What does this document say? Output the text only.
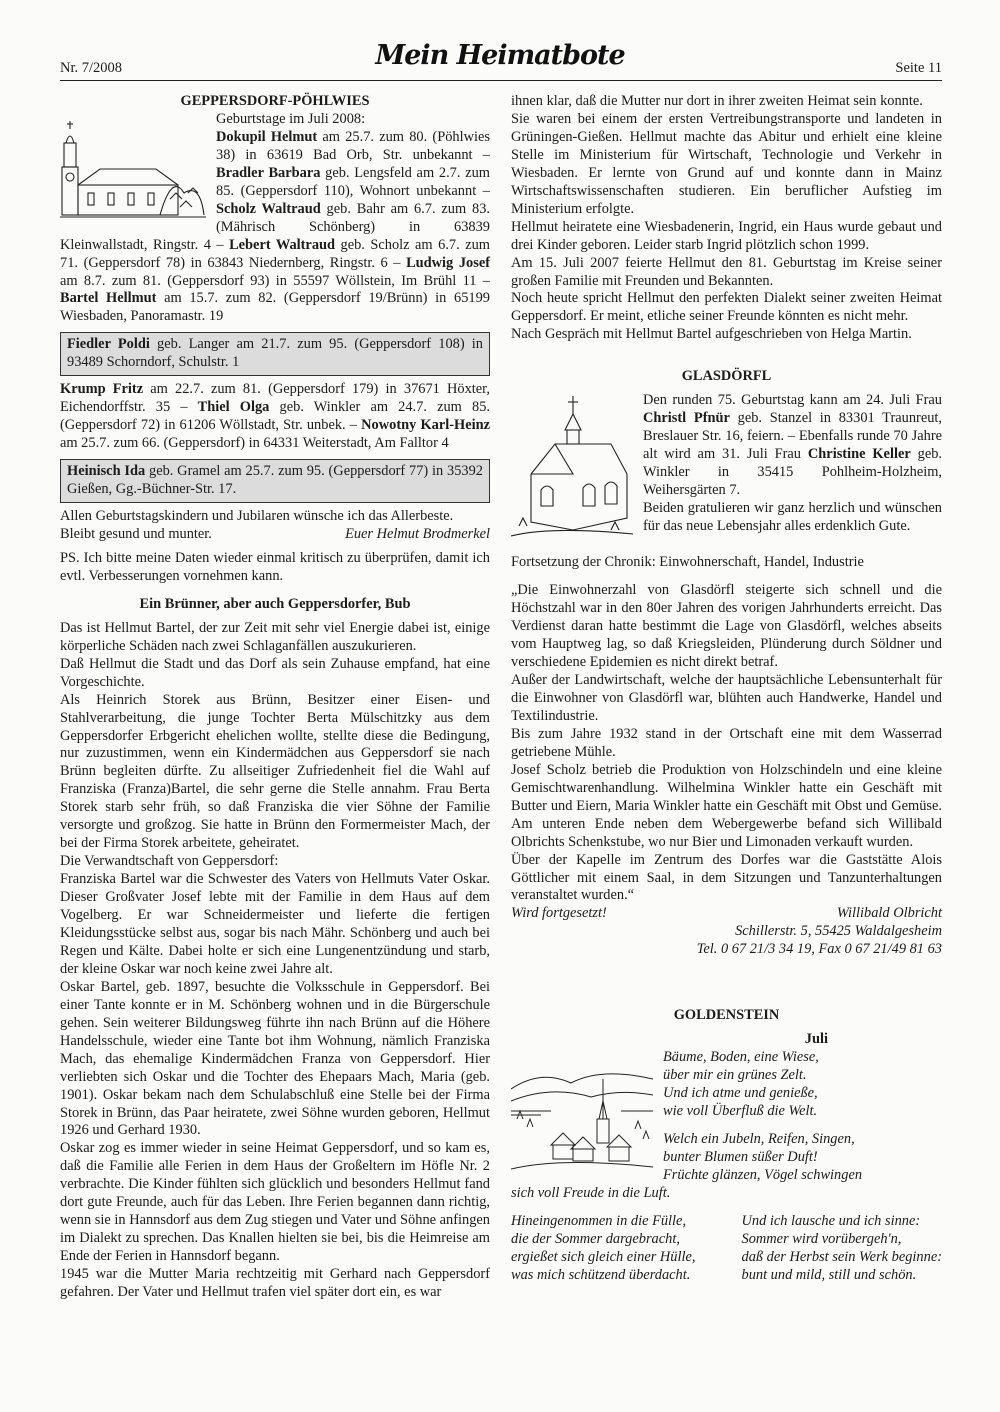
Nr. 7/2008	Mein Heimatbote	Seite 11

GEPPERSDORF-PÖHLWIES

Geburtstage im Juli 2008:

Dokupil Helmut am 25.7. zum 80. (Pöhlwies 38) in 63619 Bad Orb, Str. unbekannt – Bradler Barbara geb. Lengsfeld am 2.7. zum 85. (Geppersdorf 110), Wohnort unbekannt – Scholz Waltraud geb. Bahr am 6.7. zum 83. (Mährisch Schönberg) in 63839 Kleinwallstadt, Ringstr. 4 – Lebert Waltraud geb. Scholz am 6.7. zum 71. (Geppersdorf 78) in 63843 Niedernberg, Ringstr. 6 – Ludwig Josef am 8.7. zum 81. (Geppersdorf 93) in 55597 Wöllstein, Im Brühl 11 – Bartel Hellmut am 15.7. zum 82. (Geppersdorf 19/Brünn) in 65199 Wiesbaden, Panoramastr. 19

Fiedler Poldi geb. Langer am 21.7. zum 95. (Geppersdorf 108) in 93489 Schorndorf, Schulstr. 1

Krump Fritz am 22.7. zum 81. (Geppersdorf 179) in 37671 Höxter, Eichendorffstr. 35 – Thiel Olga geb. Winkler am 24.7. zum 85. (Geppersdorf 72) in 61206 Wöllstadt, Str. unbek. – Nowotny Karl-Heinz am 25.7. zum 66. (Geppersdorf) in 64331 Weiterstadt, Am Falltor 4

Heinisch Ida geb. Gramel am 25.7. zum 95. (Geppersdorf 77) in 35392 Gießen, Gg.-Büchner-Str. 17.

Allen Geburtstagskindern und Jubilaren wünsche ich das Allerbeste.

Bleibt gesund und munter.	Euer Helmut Brodmerkel

PS. Ich bitte meine Daten wieder einmal kritisch zu überprüfen, damit ich evtl. Verbesserungen vornehmen kann.

Ein Brünner, aber auch Geppersdorfer, Bub

Das ist Hellmut Bartel, der zur Zeit mit sehr viel Energie dabei ist, einige körperliche Schäden nach zwei Schlaganfällen auszukurieren.

Daß Hellmut die Stadt und das Dorf als sein Zuhause empfand, hat eine Vorgeschichte.

Als Heinrich Storek aus Brünn, Besitzer einer Eisen- und Stahlverarbeitung, die junge Tochter Berta Mülschitzky aus dem Geppersdorfer Erbgericht ehelichen wollte, stellte diese die Bedingung, nur zuzustimmen, wenn ein Kindermädchen aus Geppersdorf sie nach Brünn begleiten dürfte. Zu allseitiger Zufriedenheit fiel die Wahl auf Franziska (Franza)Bartel, die sehr gerne die Stelle annahm. Frau Berta Storek starb sehr früh, so daß Franziska die vier Söhne der Familie versorgte und großzog. Sie hatte in Brünn den Formermeister Mach, der bei der Firma Storek arbeitete, geheiratet.

Die Verwandtschaft von Geppersdorf:

Franziska Bartel war die Schwester des Vaters von Hellmuts Vater Oskar. Dieser Großvater Josef lebte mit der Familie in dem Haus auf dem Vogelberg. Er war Schneidermeister und lieferte die fertigen Kleidungsstücke selbst aus, sogar bis nach Mähr. Schönberg und auch bei Regen und Kälte. Dabei holte er sich eine Lungenentzündung und starb, der kleine Oskar war noch keine zwei Jahre alt.

Oskar Bartel, geb. 1897, besuchte die Volksschule in Geppersdorf. Bei einer Tante konnte er in M. Schönberg wohnen und in die Bürgerschule gehen. Sein weiterer Bildungsweg führte ihn nach Brünn auf die Höhere Handelsschule, wieder eine Tante bot ihm Wohnung, nämlich Franziska Mach, das ehemalige Kindermädchen Franza von Geppersdorf. Hier verliebten sich Oskar und die Tochter des Ehepaars Mach, Maria (geb. 1901). Oskar bekam nach dem Schulabschluß eine Stelle bei der Firma Storek in Brünn, das Paar heiratete, zwei Söhne wurden geboren, Hellmut 1926 und Gerhard 1930.

Oskar zog es immer wieder in seine Heimat Geppersdorf, und so kam es, daß die Familie alle Ferien in dem Haus der Großeltern im Höfle Nr. 2 verbrachte. Die Kinder fühlten sich glücklich und besonders Hellmut fand dort gute Freunde, auch für das Leben. Ihre Ferien begannen dann richtig, wenn sie in Hannsdorf aus dem Zug stiegen und Vater und Söhne anfingen im Dialekt zu sprechen. Das Knallen hielten sie bei, bis die Heimreise am Ende der Ferien in Hannsdorf begann.

1945 war die Mutter Maria rechtzeitig mit Gerhard nach Geppersdorf gefahren. Der Vater und Hellmut trafen viel später dort ein, es war

ihnen klar, daß die Mutter nur dort in ihrer zweiten Heimat sein konnte.

Sie waren bei einem der ersten Vertreibungstransporte und landeten in Grüningen-Gießen. Hellmut machte das Abitur und erhielt eine kleine Stelle im Ministerium für Wirtschaft, Technologie und Verkehr in Wiesbaden. Er lernte von Grund auf und konnte dann in Mainz Wirtschaftswissenschaften studieren. Ein beruflicher Aufstieg im Ministerium erfolgte.

Hellmut heiratete eine Wiesbadenerin, Ingrid, ein Haus wurde gebaut und drei Kinder geboren. Leider starb Ingrid plötzlich schon 1999.

Am 15. Juli 2007 feierte Hellmut den 81. Geburtstag im Kreise seiner großen Familie mit Freunden und Bekannten.

Noch heute spricht Hellmut den perfekten Dialekt seiner zweiten Heimat Geppersdorf. Er meint, etliche seiner Freunde könnten es nicht mehr.

Nach Gespräch mit Hellmut Bartel aufgeschrieben von Helga Martin.

GLASDÖRFL

Den runden 75. Geburtstag kann am 24. Juli Frau Christl Pfnür geb. Stanzel in 83301 Traunreut, Breslauer Str. 16, feiern. – Ebenfalls runde 70 Jahre alt wird am 31. Juli Frau Christine Keller geb. Winkler in 35415 Pohlheim-Holzheim, Weihersgärten 7.

Beiden gratulieren wir ganz herzlich und wünschen für das neue Lebensjahr alles erdenklich Gute.

Fortsetzung der Chronik: Einwohnerschaft, Handel, Industrie

„Die Einwohnerzahl von Glasdörfl steigerte sich schnell und die Höchstzahl war in den 80er Jahren des vorigen Jahrhunderts erreicht. Das Verdienst daran hatte bestimmt die Lage von Glasdörfl, welches abseits vom Hauptweg lag, so daß Kriegsleiden, Plünderung durch Söldner und verschiedene Epidemien es nicht direkt betraf.

Außer der Landwirtschaft, welche der hauptsächliche Lebensunterhalt für die Einwohner von Glasdörfl war, blühten auch Handwerke, Handel und Textilindustrie.

Bis zum Jahre 1932 stand in der Ortschaft eine mit dem Wasserrad getriebene Mühle.

Josef Scholz betrieb die Produktion von Holzschindeln und eine kleine Gemischtwarenhandlung. Wilhelmina Winkler hatte ein Geschäft mit Butter und Eiern, Maria Winkler hatte ein Geschäft mit Obst und Gemüse. Am unteren Ende neben dem Webergewerbe befand sich Willibald Olbrichts Schenkstube, wo nur Bier und Limonaden verkauft wurden.

Über der Kapelle im Zentrum des Dorfes war die Gaststätte Alois Göttlicher mit einem Saal, in dem Sitzungen und Tanzunterhaltungen veranstaltet wurden.“

Wird fortgesetzt!	Willibald Olbricht

Schillerstr. 5, 55425 Waldalgesheim

Tel. 0 67 21/3 34 19, Fax 0 67 21/49 81 63

GOLDENSTEIN

Juli

Bäume, Boden, eine Wiese,
über mir ein grünes Zelt.
Und ich atme und genieße,
wie voll Überfluß die Welt.
Welch ein Jubeln, Reifen, Singen,
bunter Blumen süßer Duft!
Früchte glänzen, Vögel schwingen
sich voll Freude in die Luft.
Hineingenommen in die Fülle,
die der Sommer dargebracht,
ergießet sich gleich einer Hülle,
was mich schützend überdacht.
Und ich lausche und ich sinne:
Sommer wird vorübergeh'n,
daß der Herbst sein Werk beginne:
bunt und mild, still und schön.
